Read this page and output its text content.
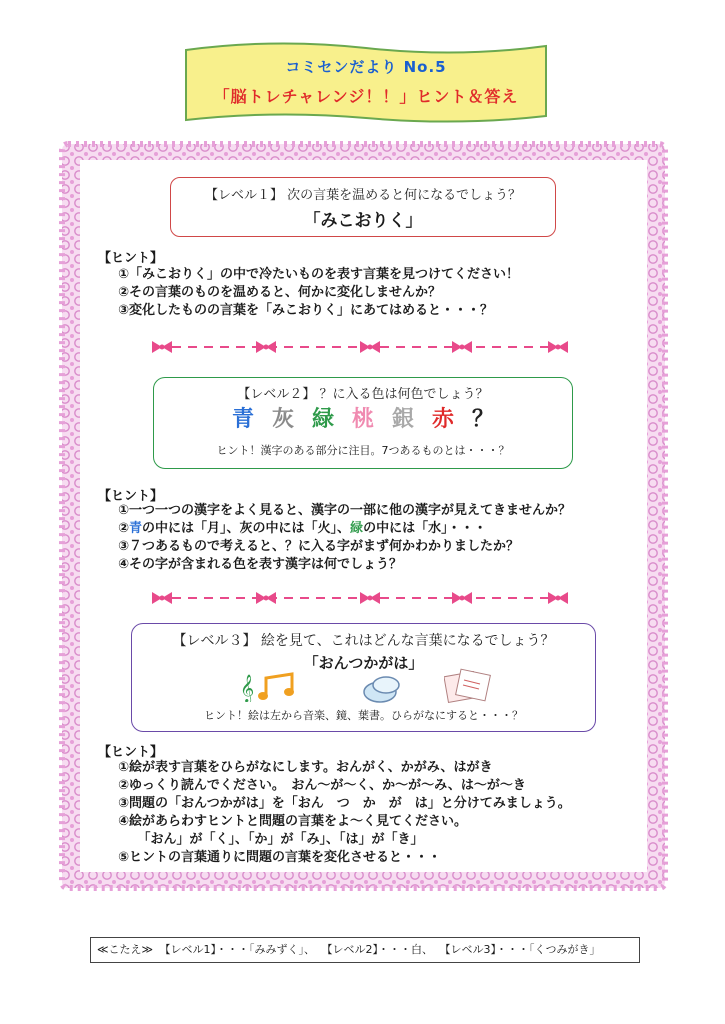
コミセンだより No.5
「脳トレチャレンジ！！」ヒント＆答え
【レベル１】 次の言葉を温めると何になるでしょう？
「みこおりく」
【ヒント】
①「みこおりく」の中で冷たいものを表す言葉を見つけてください！
②その言葉のものを温めると、何かに変化しませんか？
③変化したものの言葉を「みこおりく」にあてはめると・・・？
【レベル２】 ？に入る色は何色でしょう？
青 灰 緑 桃 銀 赤 ？
ヒント！漢字のある部分に注目。7つあるものとは・・・？
【ヒント】
①一つ一つの漢字をよく見ると、漢字の一部に他の漢字が見えてきませんか？
②青の中には「月」、灰の中には「火」、緑の中には「水」・・・
③７つあるもので考えると、？に入る字がまず何かわかりましたか？
④その字が含まれる色を表す漢字は何でしょう？
【レベル３】 絵を見て、これはどんな言葉になるでしょう？
「おんつかがは」
𝄞
ヒント！絵は左から音楽、鏡、葉書。ひらがなにすると・・・？
【ヒント】
①絵が表す言葉をひらがなにします。おんがく、かがみ、はがき
②ゆっくり読んでください。　おん～が～く、か～が～み、は～が～き
③問題の「おんつかがは」を「おん　つ　か　が　は」と分けてみましょう。
④絵があらわすヒントと問題の言葉をよ～く見てください。
　　「おん」が「く」、「か」が「み」、「は」が「き」
⑤ヒントの言葉通りに問題の言葉を変化させると・・・
≪こたえ≫ 【レベル1】・・・「みみずく」、 【レベル2】・・・白、 【レベル3】・・・「くつみがき」
